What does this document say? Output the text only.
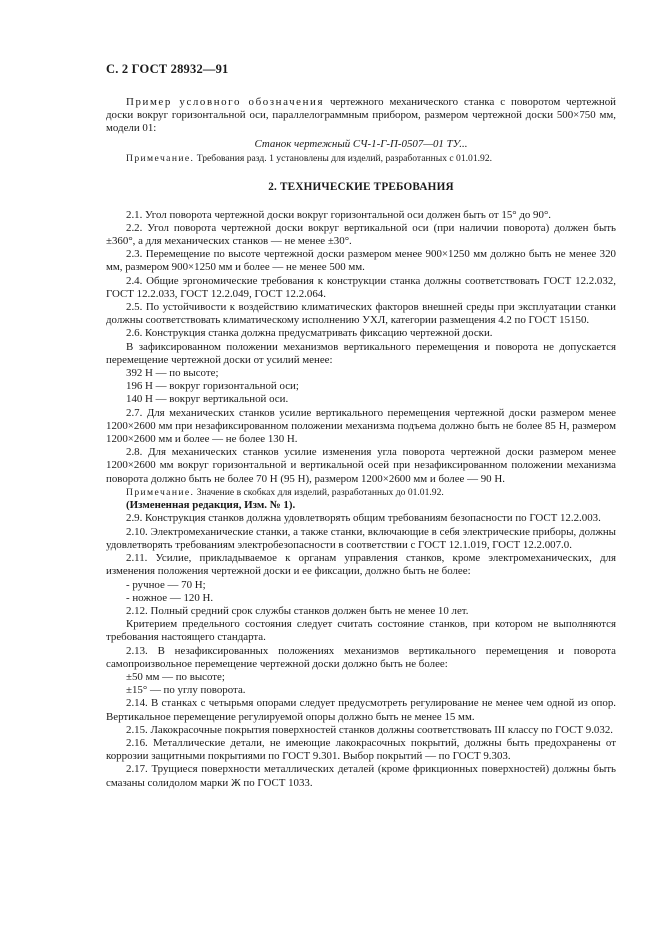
С. 2 ГОСТ 28932—91

Пример условного обозначения чертежного механического станка с поворотом чертежной доски вокруг горизонтальной оси, параллелограммным прибором, размером чертежной доски 500×750 мм, модели 01:

Станок чертежный СЧ-1-Г-П-0507—01 ТУ...

Примечание. Требования разд. 1 установлены для изделий, разработанных с 01.01.92.

2. ТЕХНИЧЕСКИЕ ТРЕБОВАНИЯ

2.1. Угол поворота чертежной доски вокруг горизонтальной оси должен быть от 15° до 90°.

2.2. Угол поворота чертежной доски вокруг вертикальной оси (при наличии поворота) должен быть ±360°, а для механических станков — не менее ±30°.

2.3. Перемещение по высоте чертежной доски размером менее 900×1250 мм должно быть не менее 320 мм, размером 900×1250 мм и более — не менее 500 мм.

2.4. Общие эргономические требования к конструкции станка должны соответствовать ГОСТ 12.2.032, ГОСТ 12.2.033, ГОСТ 12.2.049, ГОСТ 12.2.064.

2.5. По устойчивости к воздействию климатических факторов внешней среды при эксплуатации станки должны соответствовать климатическому исполнению УХЛ, категории размещения 4.2 по ГОСТ 15150.

2.6. Конструкция станка должна предусматривать фиксацию чертежной доски.

В зафиксированном положении механизмов вертикального перемещения и поворота не допускается перемещение чертежной доски от усилий менее:

392 Н — по высоте;

196 Н — вокруг горизонтальной оси;

140 Н — вокруг вертикальной оси.

2.7. Для механических станков усилие вертикального перемещения чертежной доски размером менее 1200×2600 мм при незафиксированном положении механизма подъема должно быть не более 85 Н, размером 1200×2600 мм и более — не более 130 Н.

2.8. Для механических станков усилие изменения угла поворота чертежной доски размером менее 1200×2600 мм вокруг горизонтальной и вертикальной осей при незафиксированном положении механизма поворота должно быть не более 70 Н (95 Н), размером 1200×2600 мм и более — 90 Н.

Примечание. Значение в скобках для изделий, разработанных до 01.01.92.

(Измененная редакция, Изм. № 1).

2.9. Конструкция станков должна удовлетворять общим требованиям безопасности по ГОСТ 12.2.003.

2.10. Электромеханические станки, а также станки, включающие в себя электрические приборы, должны удовлетворять требованиям электробезопасности в соответствии с ГОСТ 12.1.019, ГОСТ 12.2.007.0.

2.11. Усилие, прикладываемое к органам управления станков, кроме электромеханических, для изменения положения чертежной доски и ее фиксации, должно быть не более:

- ручное — 70 Н;

- ножное — 120 Н.

2.12. Полный средний срок службы станков должен быть не менее 10 лет.

Критерием предельного состояния следует считать состояние станков, при котором не выполняются требования настоящего стандарта.

2.13. В незафиксированных положениях механизмов вертикального перемещения и поворота самопроизвольное перемещение чертежной доски должно быть не более:

±50 мм — по высоте;

±15° — по углу поворота.

2.14. В станках с четырьмя опорами следует предусмотреть регулирование не менее чем одной из опор. Вертикальное перемещение регулируемой опоры должно быть не менее 15 мм.

2.15. Лакокрасочные покрытия поверхностей станков должны соответствовать III классу по ГОСТ 9.032.

2.16. Металлические детали, не имеющие лакокрасочных покрытий, должны быть предохранены от коррозии защитными покрытиями по ГОСТ 9.301. Выбор покрытий — по ГОСТ 9.303.

2.17. Трущиеся поверхности металлических деталей (кроме фрикционных поверхностей) должны быть смазаны солидолом марки Ж по ГОСТ 1033.
